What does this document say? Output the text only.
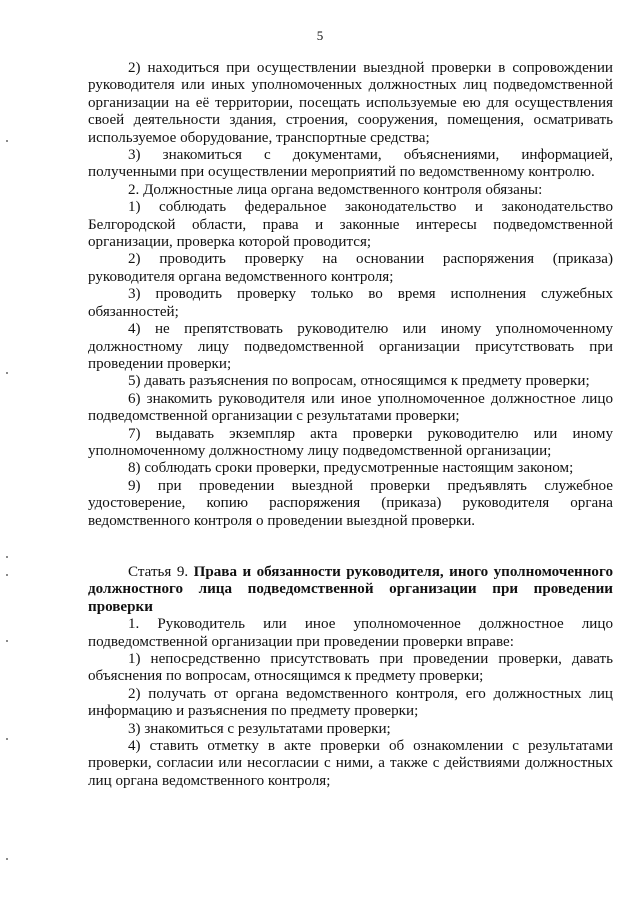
5

2) находиться при осуществлении выездной проверки в сопровождении руководителя или иных уполномоченных должностных лиц подведомственной организации на её территории, посещать используемые ею для осуществления своей деятельности здания, строения, сооружения, помещения, осматривать используемое оборудование, транспортные средства;

3) знакомиться с документами, объяснениями, информацией, полученными при осуществлении мероприятий по ведомственному контролю.

2. Должностные лица органа ведомственного контроля обязаны:

1) соблюдать федеральное законодательство и законодательство Белгородской области, права и законные интересы подведомственной организации, проверка которой проводится;

2) проводить проверку на основании распоряжения (приказа) руководителя органа ведомственного контроля;

3) проводить проверку только во время исполнения служебных обязанностей;

4) не препятствовать руководителю или иному уполномоченному должностному лицу подведомственной организации присутствовать при проведении проверки;

5) давать разъяснения по вопросам, относящимся к предмету проверки;

6) знакомить руководителя или иное уполномоченное должностное лицо подведомственной организации с результатами проверки;

7) выдавать экземпляр акта проверки руководителю или иному уполномоченному должностному лицу подведомственной организации;

8) соблюдать сроки проверки, предусмотренные настоящим законом;

9) при проведении выездной проверки предъявлять служебное удостоверение, копию распоряжения (приказа) руководителя органа ведомственного контроля о проведении выездной проверки.

Статья 9. Права и обязанности руководителя, иного уполномоченного должностного лица подведомственной организации при проведении проверки

1. Руководитель или иное уполномоченное должностное лицо подведомственной организации при проведении проверки вправе:

1) непосредственно присутствовать при проведении проверки, давать объяснения по вопросам, относящимся к предмету проверки;

2) получать от органа ведомственного контроля, его должностных лиц информацию и разъяснения по предмету проверки;

3) знакомиться с результатами проверки;

4) ставить отметку в акте проверки об ознакомлении с результатами проверки, согласии или несогласии с ними, а также с действиями должностных лиц органа ведомственного контроля;
